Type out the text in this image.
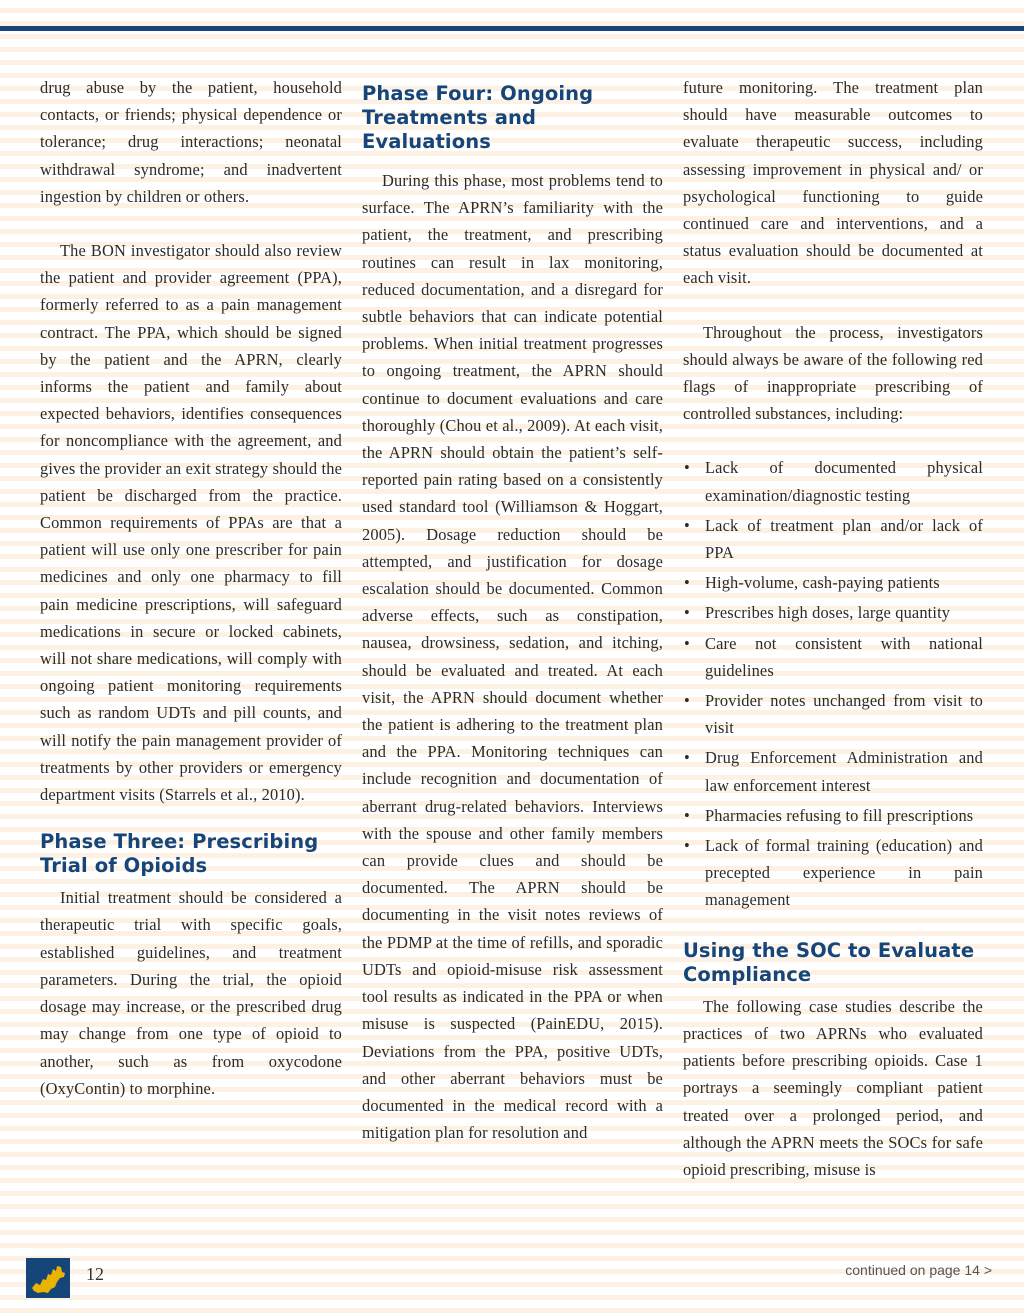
drug abuse by the patient, household contacts, or friends; physical dependence or tolerance; drug interactions; neonatal withdrawal syndrome; and inadvertent ingestion by children or others.

The BON investigator should also review the patient and provider agreement (PPA), formerly referred to as a pain management contract. The PPA, which should be signed by the patient and the APRN, clearly informs the patient and family about expected behaviors, identifies consequences for noncompliance with the agreement, and gives the provider an exit strategy should the patient be discharged from the practice. Common requirements of PPAs are that a patient will use only one prescriber for pain medicines and only one pharmacy to fill pain medicine prescriptions, will safeguard medications in secure or locked cabinets, will not share medications, will comply with ongoing patient monitoring requirements such as random UDTs and pill counts, and will notify the pain management provider of treatments by other providers or emergency department visits (Starrels et al., 2010).

Phase Three: Prescribing Trial of Opioids

Initial treatment should be considered a therapeutic trial with specific goals, established guidelines, and treatment parameters. During the trial, the opioid dosage may increase, or the prescribed drug may change from one type of opioid to another, such as from oxycodone (OxyContin) to morphine.

Phase Four: Ongoing Treatments and Evaluations

During this phase, most problems tend to surface. The APRN’s familiarity with the patient, the treatment, and prescribing routines can result in lax monitoring, reduced documentation, and a disregard for subtle behaviors that can indicate potential problems. When initial treatment progresses to ongoing treatment, the APRN should continue to document evaluations and care thoroughly (Chou et al., 2009). At each visit, the APRN should obtain the patient’s self-reported pain rating based on a consistently used standard tool (Williamson & Hoggart, 2005). Dosage reduction should be attempted, and justification for dosage escalation should be documented. Common adverse effects, such as constipation, nausea, drowsiness, sedation, and itching, should be evaluated and treated. At each visit, the APRN should document whether the patient is adhering to the treatment plan and the PPA. Monitoring techniques can include recognition and documentation of aberrant drug-related behaviors. Interviews with the spouse and other family members can provide clues and should be documented. The APRN should be documenting in the visit notes reviews of the PDMP at the time of refills, and sporadic UDTs and opioid-misuse risk assessment tool results as indicated in the PPA or when misuse is suspected (PainEDU, 2015). Deviations from the PPA, positive UDTs, and other aberrant behaviors must be documented in the medical record with a mitigation plan for resolution and

future monitoring. The treatment plan should have measurable outcomes to evaluate therapeutic success, including assessing improvement in physical and/ or psychological functioning to guide continued care and interventions, and a status evaluation should be documented at each visit.

Throughout the process, investigators should always be aware of the following red flags of inappropriate prescribing of controlled substances, including:

• Lack of documented physical examination/diagnostic testing
• Lack of treatment plan and/or lack of PPA
• High-volume, cash-paying patients
• Prescribes high doses, large quantity
• Care not consistent with national guidelines
• Provider notes unchanged from visit to visit
• Drug Enforcement Administration and law enforcement interest
• Pharmacies refusing to fill prescriptions
• Lack of formal training (education) and precepted experience in pain management
Using the SOC to Evaluate Compliance

The following case studies describe the practices of two APRNs who evaluated patients before prescribing opioids. Case 1 portrays a seemingly compliant patient treated over a prolonged period, and although the APRN meets the SOCs for safe opioid prescribing, misuse is

12	continued on page 14 >
